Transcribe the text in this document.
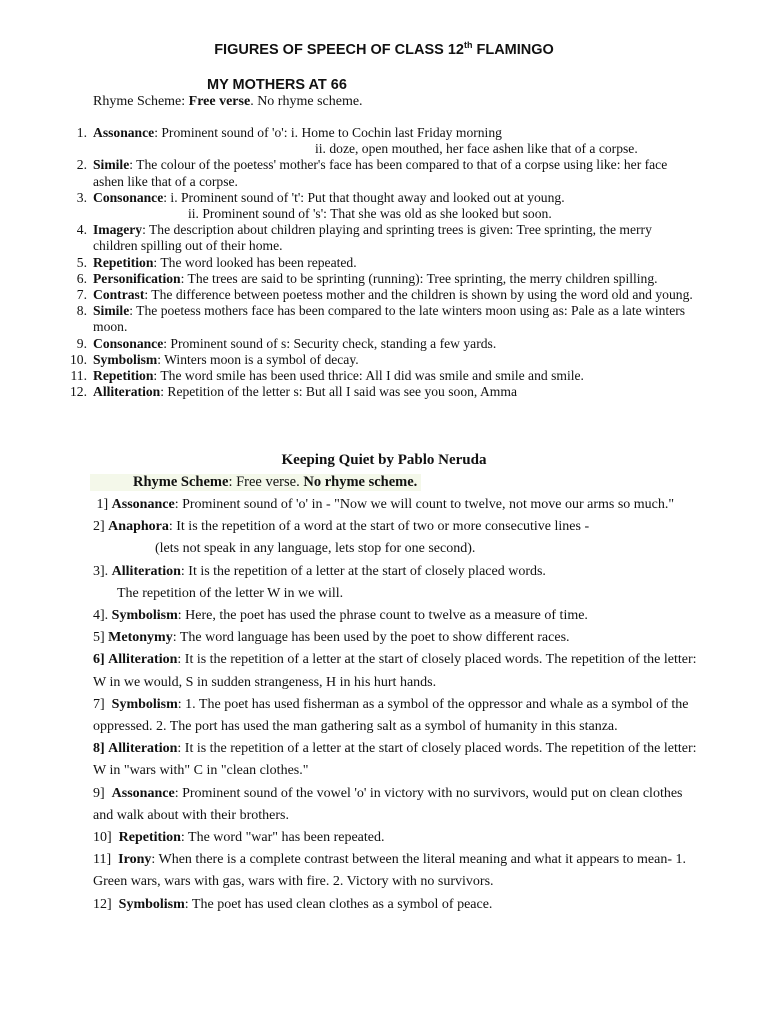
FIGURES OF SPEECH OF CLASS 12th FLAMINGO
MY MOTHERS AT 66
Rhyme Scheme: Free verse. No rhyme scheme.
1. Assonance: Prominent sound of 'o': i. Home to Cochin last Friday morning
ii. doze, open mouthed, her face ashen like that of a corpse.
2. Simile: The colour of the poetess' mother's face has been compared to that of a corpse using like: her face ashen like that of a corpse.
3. Consonance: i. Prominent sound of 't': Put that thought away and looked out at young.
ii. Prominent sound of 's': That she was old as she looked but soon.
4. Imagery: The description about children playing and sprinting trees is given: Tree sprinting, the merry children spilling out of their home.
5. Repetition: The word looked has been repeated.
6. Personification: The trees are said to be sprinting (running): Tree sprinting, the merry children spilling.
7. Contrast: The difference between poetess mother and the children is shown by using the word old and young.
8. Simile: The poetess mothers face has been compared to the late winters moon using as: Pale as a late winters moon.
9. Consonance: Prominent sound of s: Security check, standing a few yards.
10. Symbolism: Winters moon is a symbol of decay.
11. Repetition: The word smile has been used thrice: All I did was smile and smile and smile.
12. Alliteration: Repetition of the letter s: But all I said was see you soon, Amma
Keeping Quiet by Pablo Neruda
Rhyme Scheme: Free verse. No rhyme scheme.
1] Assonance: Prominent sound of 'o' in - "Now we will count to twelve, not move our arms so much."
2] Anaphora: It is the repetition of a word at the start of two or more consecutive lines -
(lets not speak in any language, lets stop for one second).
3]. Alliteration: It is the repetition of a letter at the start of closely placed words.
The repetition of the letter W in we will.
4]. Symbolism: Here, the poet has used the phrase count to twelve as a measure of time.
5] Metonymy: The word language has been used by the poet to show different races.
6] Alliteration: It is the repetition of a letter at the start of closely placed words. The repetition of the letter: W in we would, S in sudden strangeness, H in his hurt hands.
7] Symbolism: 1. The poet has used fisherman as a symbol of the oppressor and whale as a symbol of the oppressed. 2. The port has used the man gathering salt as a symbol of humanity in this stanza.
8] Alliteration: It is the repetition of a letter at the start of closely placed words. The repetition of the letter: W in "wars with" C in "clean clothes."
9] Assonance: Prominent sound of the vowel 'o' in victory with no survivors, would put on clean clothes and walk about with their brothers.
10] Repetition: The word "war" has been repeated.
11] Irony: When there is a complete contrast between the literal meaning and what it appears to mean- 1. Green wars, wars with gas, wars with fire. 2. Victory with no survivors.
12] Symbolism: The poet has used clean clothes as a symbol of peace.
